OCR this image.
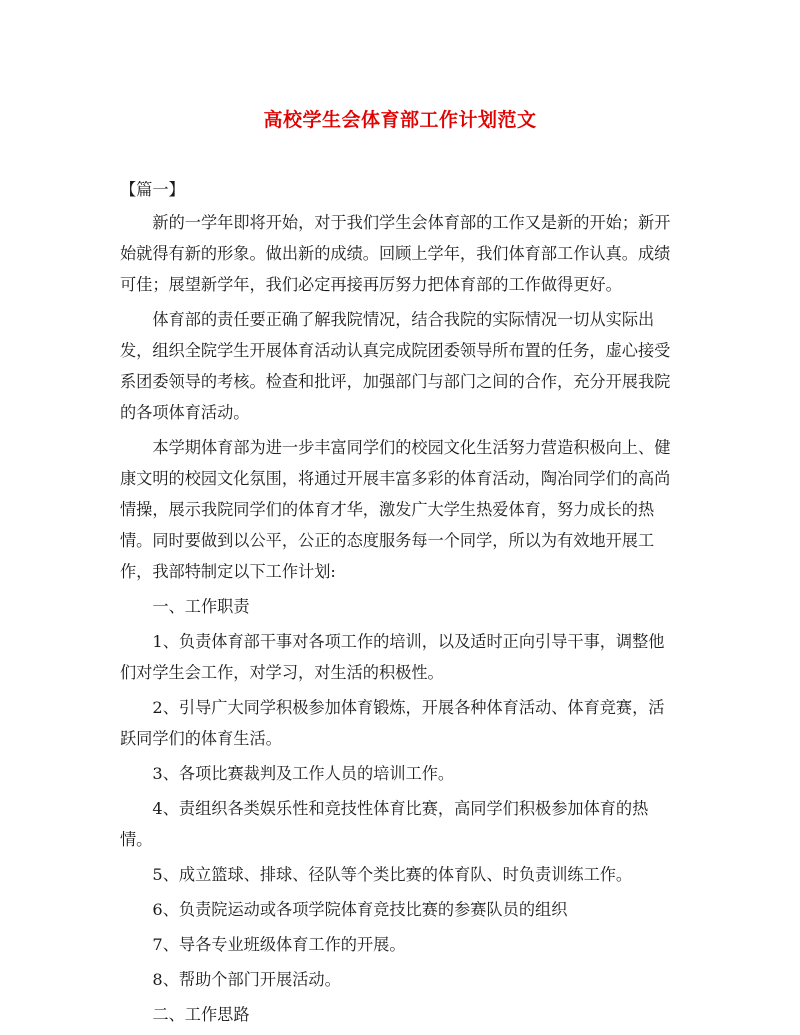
高校学生会体育部工作计划范文

【篇一】

新的一学年即将开始，对于我们学生会体育部的工作又是新的开始；新开始就得有新的形象。做出新的成绩。回顾上学年，我们体育部工作认真。成绩可佳；展望新学年，我们必定再接再厉努力把体育部的工作做得更好。

体育部的责任要正确了解我院情况，结合我院的实际情况一切从实际出发，组织全院学生开展体育活动认真完成院团委领导所布置的任务，虚心接受系团委领导的考核。检查和批评，加强部门与部门之间的合作，充分开展我院的各项体育活动。

本学期体育部为进一步丰富同学们的校园文化生活努力营造积极向上、健康文明的校园文化氛围，将通过开展丰富多彩的体育活动，陶冶同学们的高尚情操，展示我院同学们的体育才华，激发广大学生热爱体育，努力成长的热情。同时要做到以公平，公正的态度服务每一个同学，所以为有效地开展工作，我部特制定以下工作计划:

一、工作职责

1、负责体育部干事对各项工作的培训，以及适时正向引导干事，调整他们对学生会工作，对学习，对生活的积极性。

2、引导广大同学积极参加体育锻炼，开展各种体育活动、体育竞赛，活跃同学们的体育生活。

3、各项比赛裁判及工作人员的培训工作。

4、责组织各类娱乐性和竞技性体育比赛，高同学们积极参加体育的热情。

5、成立篮球、排球、径队等个类比赛的体育队、时负责训练工作。

6、负责院运动或各项学院体育竞技比赛的参赛队员的组织

7、导各专业班级体育工作的开展。

8、帮助个部门开展活动。

二、工作思路
